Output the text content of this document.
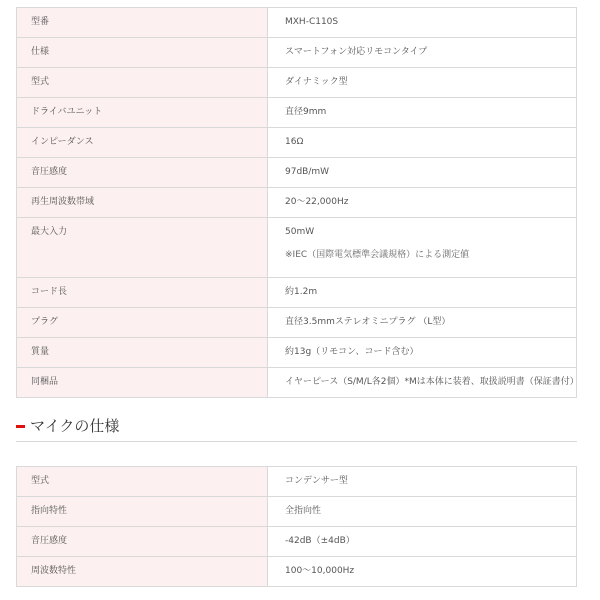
型番	MXH-C110S
仕様	スマートフォン対応リモコンタイプ
型式	ダイナミック型
ドライバユニット	直径9mm
インピーダンス	16Ω
音圧感度	97dB/mW
再生周波数帯域	20～22,000Hz
最大入力	50mW
※IEC（国際電気標準会議規格）による測定値

コード長	約1.2m
プラグ	直径3.5mmステレオミニプラグ （L型）
質量	約13g（リモコン、コード含む）
同梱品	イヤーピース（S/M/L各2個）*Mは本体に装着、取扱説明書（保証書付）
マイクの仕様
型式	コンデンサー型
指向特性	全指向性
音圧感度	-42dB（±4dB）
周波数特性	100～10,000Hz
